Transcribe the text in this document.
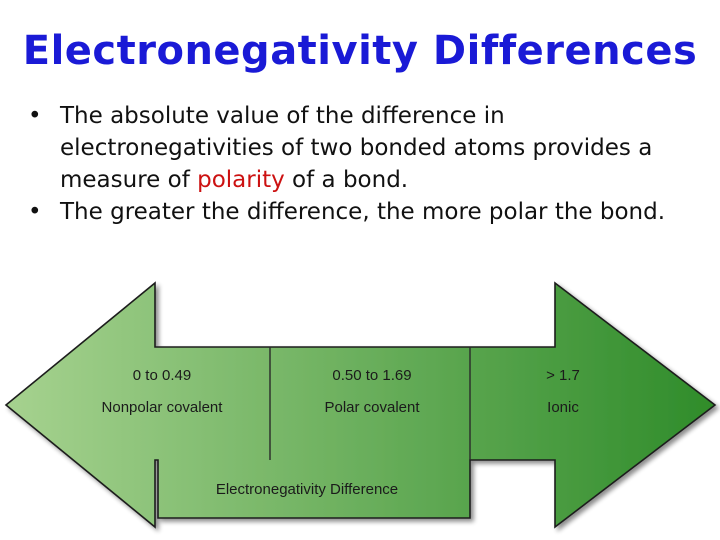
Electronegativity Differences
• The absolute value of the difference in electronegativities of two bonded atoms provides a measure of polarity of a bond.
• The greater the difference, the more polar the bond.
0 to 0.49
Nonpolar covalent
0.50 to 1.69
Polar covalent
> 1.7
Ionic
Electronegativity Difference
